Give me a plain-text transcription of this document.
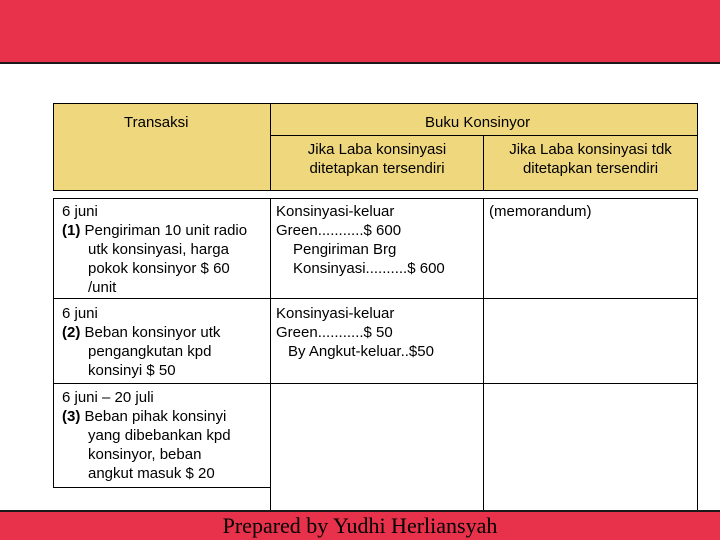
Transaksi	Buku Konsinyor
Jika Laba konsinyasi
ditetapkan tersendiri
Jika Laba konsinyasi tdk
ditetapkan tersendiri
6 juni
(1) Pengiriman 10 unit radio
utk konsinyasi, harga
pokok konsinyor $ 60
/unit
Konsinyasi-keluar
Green...........$ 600
Pengiriman Brg
Konsinyasi..........$ 600
(memorandum)
6 juni
(2) Beban konsinyor utk
pengangkutan kpd
konsinyi $ 50
Konsinyasi-keluar
Green...........$ 50
By Angkut-keluar..$50
6 juni – 20 juli
(3) Beban pihak konsinyi
yang dibebankan kpd
konsinyor, beban
angkut masuk $ 20
Prepared by Yudhi Herliansyah
